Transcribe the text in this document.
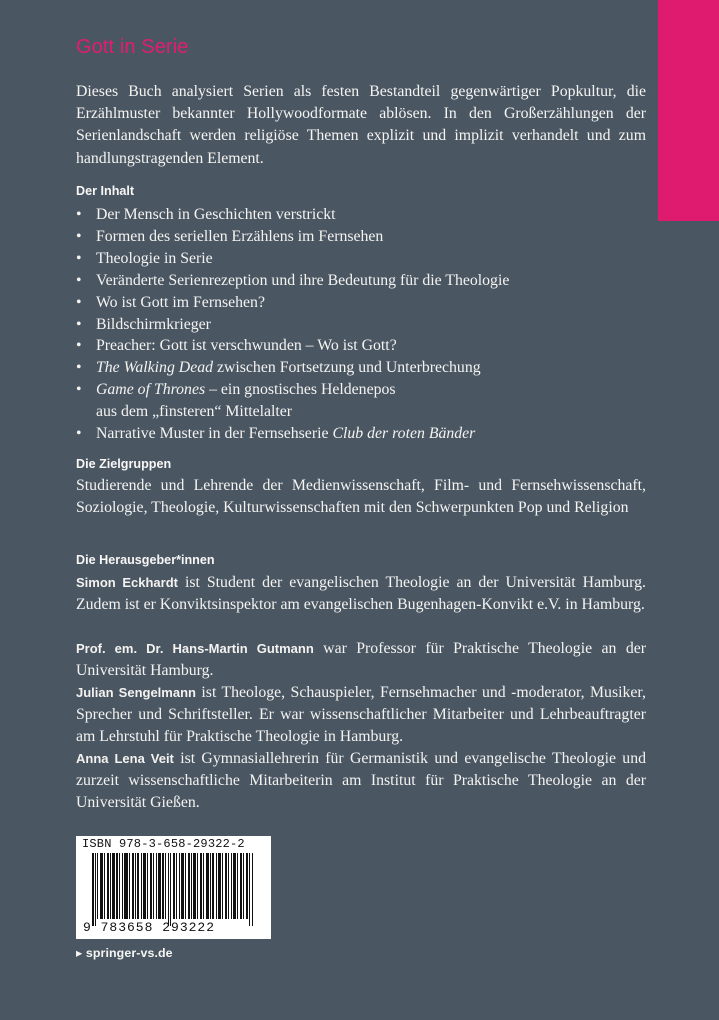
Gott in Serie
Dieses Buch analysiert Serien als festen Bestandteil gegenwärtiger Popkultur, die Erzählmuster bekannter Hollywoodformate ablösen. In den Großerzählungen der Serienlandschaft werden religiöse Themen explizit und implizit verhandelt und zum handlungstragenden Element.
Der Inhalt
• Der Mensch in Geschichten verstrickt
• Formen des seriellen Erzählens im Fernsehen
• Theologie in Serie
• Veränderte Serienrezeption und ihre Bedeutung für die Theologie
• Wo ist Gott im Fernsehen?
• Bildschirmkrieger
• Preacher: Gott ist verschwunden – Wo ist Gott?
• The Walking Dead zwischen Fortsetzung und Unterbrechung
• Game of Thrones – ein gnostisches Heldenepos
aus dem „finsteren“ Mittelalter
• Narrative Muster in der Fernsehserie Club der roten Bänder
Die Zielgruppen
Studierende und Lehrende der Medienwissenschaft, Film- und Fernsehwissenschaft, Soziologie, Theologie, Kulturwissenschaften mit den Schwerpunkten Pop und Religion
Die Herausgeber*innen
Simon Eckhardt ist Student der evangelischen Theologie an der Universität Hamburg. Zudem ist er Konviktsinspektor am evangelischen Bugenhagen-Konvikt e.V. in Hamburg.
Prof. em. Dr. Hans-Martin Gutmann war Professor für Praktische Theologie an der Universität Hamburg.
Julian Sengelmann ist Theologe, Schauspieler, Fernsehmacher und -moderator, Musiker, Sprecher und Schriftsteller. Er war wissenschaftlicher Mitarbeiter und Lehrbeauftragter am Lehrstuhl für Praktische Theologie in Hamburg.
Anna Lena Veit ist Gymnasiallehrerin für Germanistik und evangelische Theologie und zurzeit wissenschaftliche Mitarbeiterin am Institut für Praktische Theologie an der Universität Gießen.
ISBN 978-3-658-29322-2
9 783658 293222
▸ springer-vs.de
